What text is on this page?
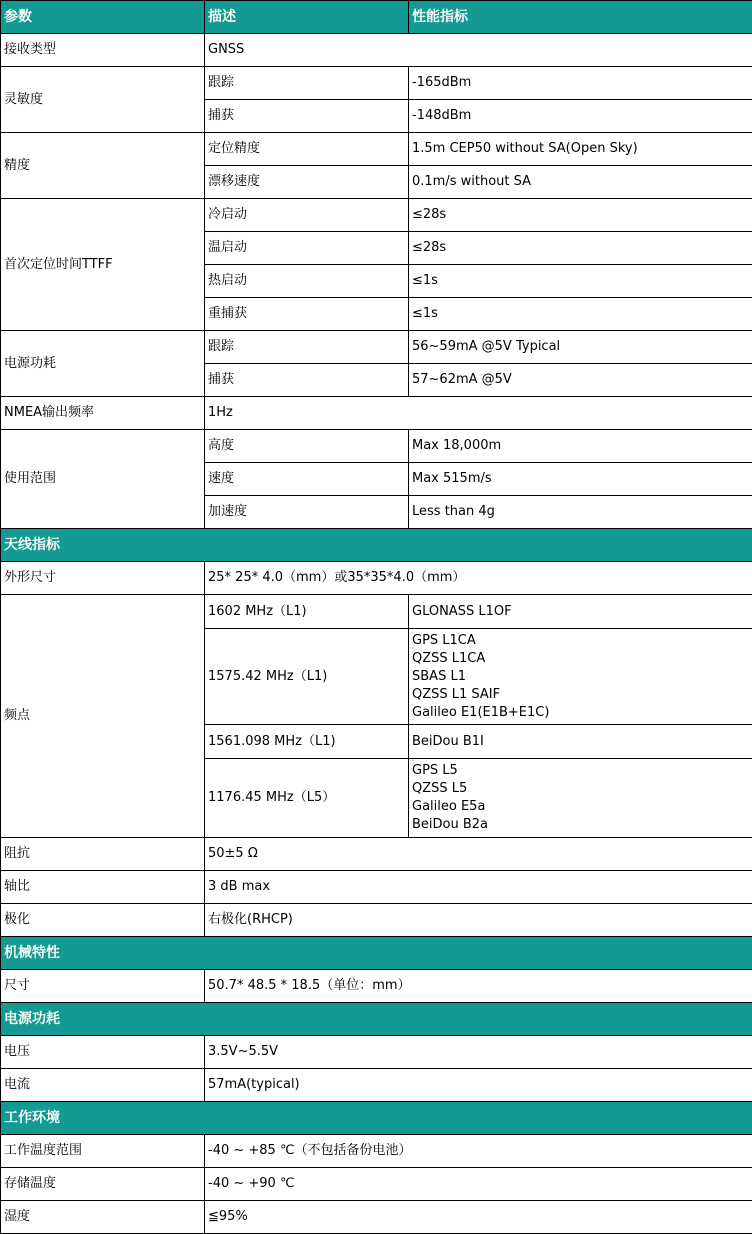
参数	描述	性能指标
接收类型	GNSS	
灵敏度	跟踪	-165dBm
	捕获	-148dBm
精度	定位精度	1.5m CEP50 without SA(Open Sky)
	漂移速度	0.1m/s without SA
首次定位时间TTFF	冷启动	≤28s
	温启动	≤28s
	热启动	≤1s
	重捕获	≤1s
电源功耗	跟踪	56~59mA @5V Typical
	捕获	57~62mA @5V
NMEA输出频率	1Hz	
使用范围	高度	Max 18,000m
	速度	Max 515m/s
	加速度	Less than 4g
天线指标		
外形尺寸	25* 25* 4.0（mm）或35*35*4.0（mm）	
频点	1602 MHz（L1)	GLONASS L1OF

	1575.42 MHz（L1)	GPS L1CA
QZSS L1CA
SBAS L1
QZSS L1 SAIF
Galileo E1(E1B+E1C)

	1561.098 MHz（L1)	BeiDou B1I

	1176.45 MHz（L5）	GPS L5
QZSS L5
Galileo E5a
BeiDou B2a

阻抗	50±5 Ω	
轴比	3 dB max	
极化	右极化(RHCP)	
机械特性		
尺寸	50.7* 48.5 * 18.5（单位：mm）	
电源功耗		
电压	3.5V~5.5V	
电流	57mA(typical)	
工作环境		
工作温度范围	-40 ~ +85 ℃（不包括备份电池）	
存储温度	-40 ~ +90 ℃	
湿度	≦95%	
